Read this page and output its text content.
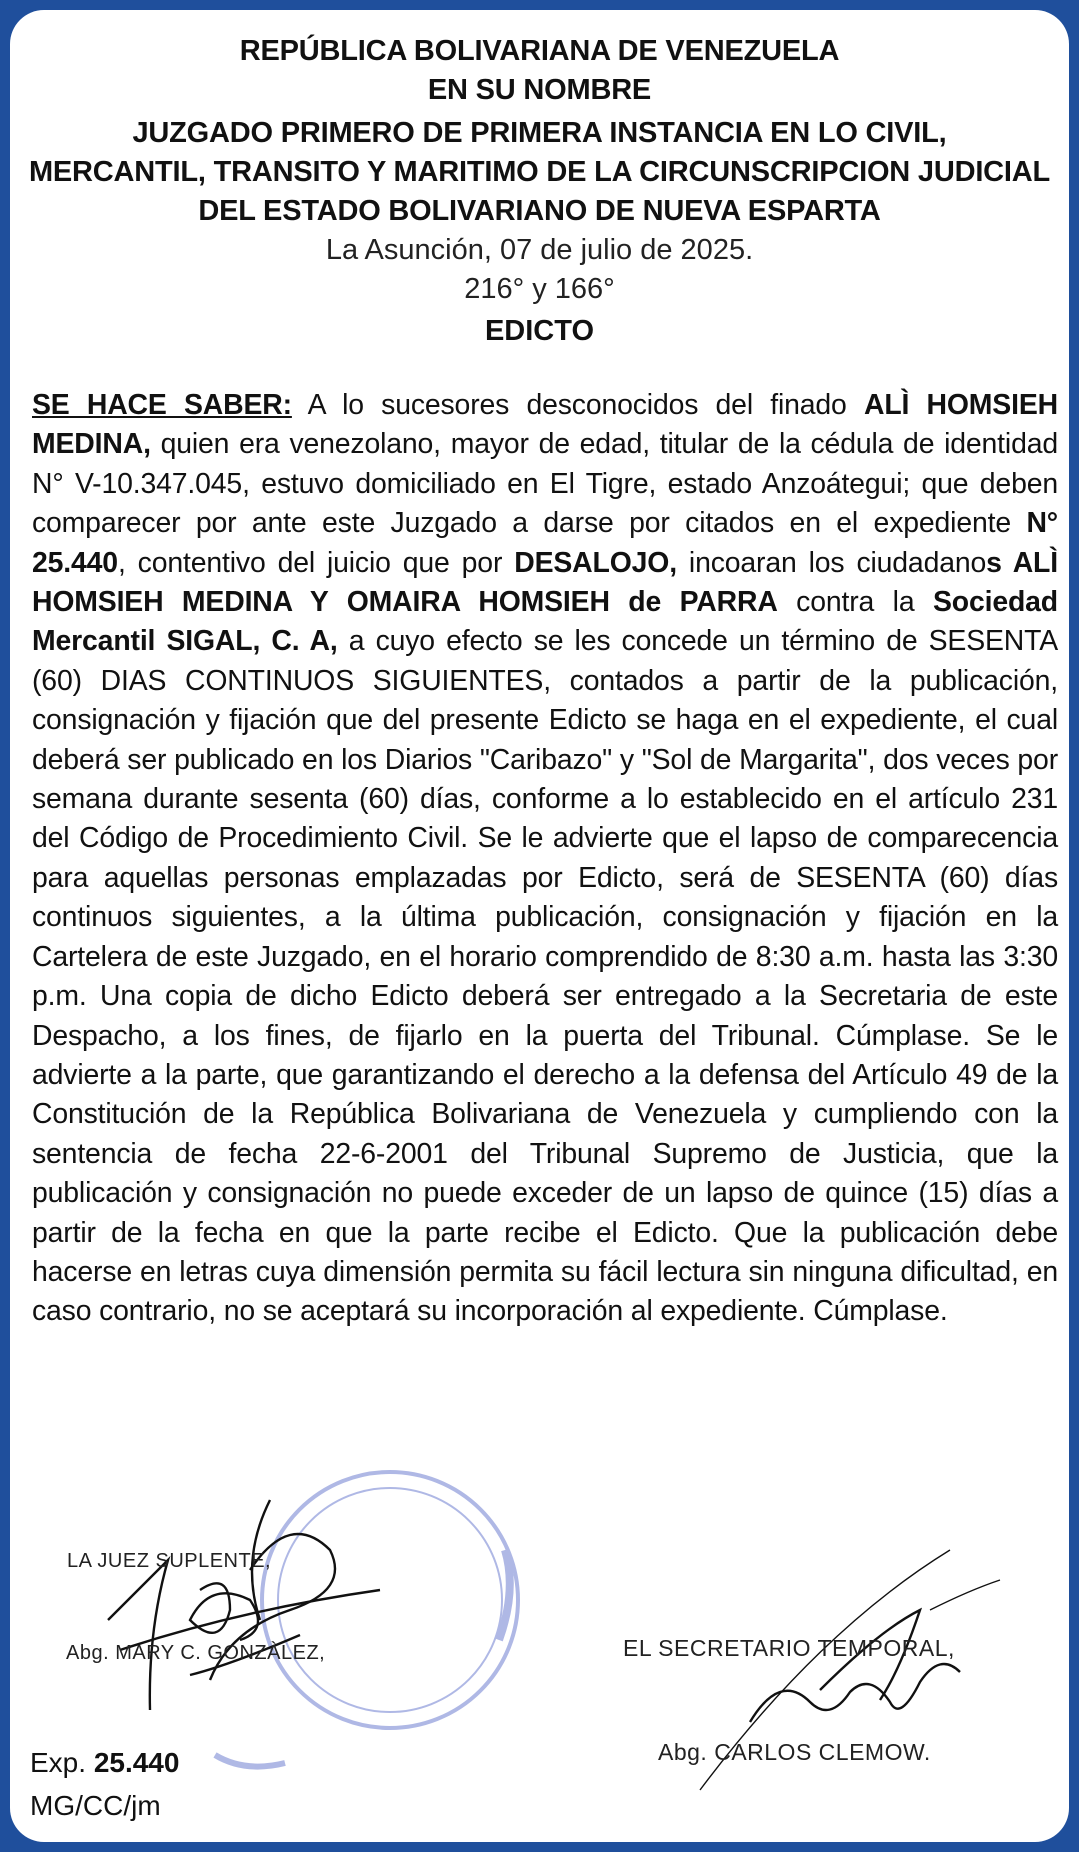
REPÚBLICA BOLIVARIANA DE VENEZUELA
EN SU NOMBRE
JUZGADO PRIMERO DE PRIMERA INSTANCIA EN LO CIVIL,
MERCANTIL, TRANSITO Y MARITIMO DE LA CIRCUNSCRIPCION JUDICIAL
DEL ESTADO BOLIVARIANO DE NUEVA ESPARTA
La Asunción, 07 de julio de 2025.
216° y 166°
EDICTO
SE HACE SABER: A lo sucesores desconocidos del finado ALÌ HOMSIEH MEDINA, quien era venezolano, mayor de edad, titular de la cédula de identidad N° V-10.347.045, estuvo domiciliado en El Tigre, estado Anzoátegui; que deben comparecer por ante este Juzgado a darse por citados en el expediente N° 25.440, contentivo del juicio que por DESALOJO, incoaran los ciudadanos ALÌ HOMSIEH MEDINA Y OMAIRA HOMSIEH de PARRA contra la Sociedad Mercantil SIGAL, C. A, a cuyo efecto se les concede un término de SESENTA (60) DIAS CONTINUOS SIGUIENTES, contados a partir de la publicación, consignación y fijación que del presente Edicto se haga en el expediente, el cual deberá ser publicado en los Diarios "Caribazo" y "Sol de Margarita", dos veces por semana durante sesenta (60) días, conforme a lo establecido en el artículo 231 del Código de Procedimiento Civil. Se le advierte que el lapso de comparecencia para aquellas personas emplazadas por Edicto, será de SESENTA (60) días continuos siguientes, a la última publicación, consignación y fijación en la Cartelera de este Juzgado, en el horario comprendido de 8:30 a.m. hasta las 3:30 p.m. Una copia de dicho Edicto deberá ser entregado a la Secretaria de este Despacho, a los fines, de fijarlo en la puerta del Tribunal. Cúmplase. Se le advierte a la parte, que garantizando el derecho a la defensa del Artículo 49 de la Constitución de la República Bolivariana de Venezuela y cumpliendo con la sentencia de fecha 22-6-2001 del Tribunal Supremo de Justicia, que la publicación y consignación no puede exceder de un lapso de quince (15) días a partir de la fecha en que la parte recibe el Edicto. Que la publicación debe hacerse en letras cuya dimensión permita su fácil lectura sin ninguna dificultad, en caso contrario, no se aceptará su incorporación al expediente. Cúmplase.
LA JUEZ SUPLENTE,
Abg. MARY C. GONZÀLEZ,	EL SECRETARIO TEMPORAL,
Abg. CARLOS CLEMOW.
Exp. 25.440
MG/CC/jm
